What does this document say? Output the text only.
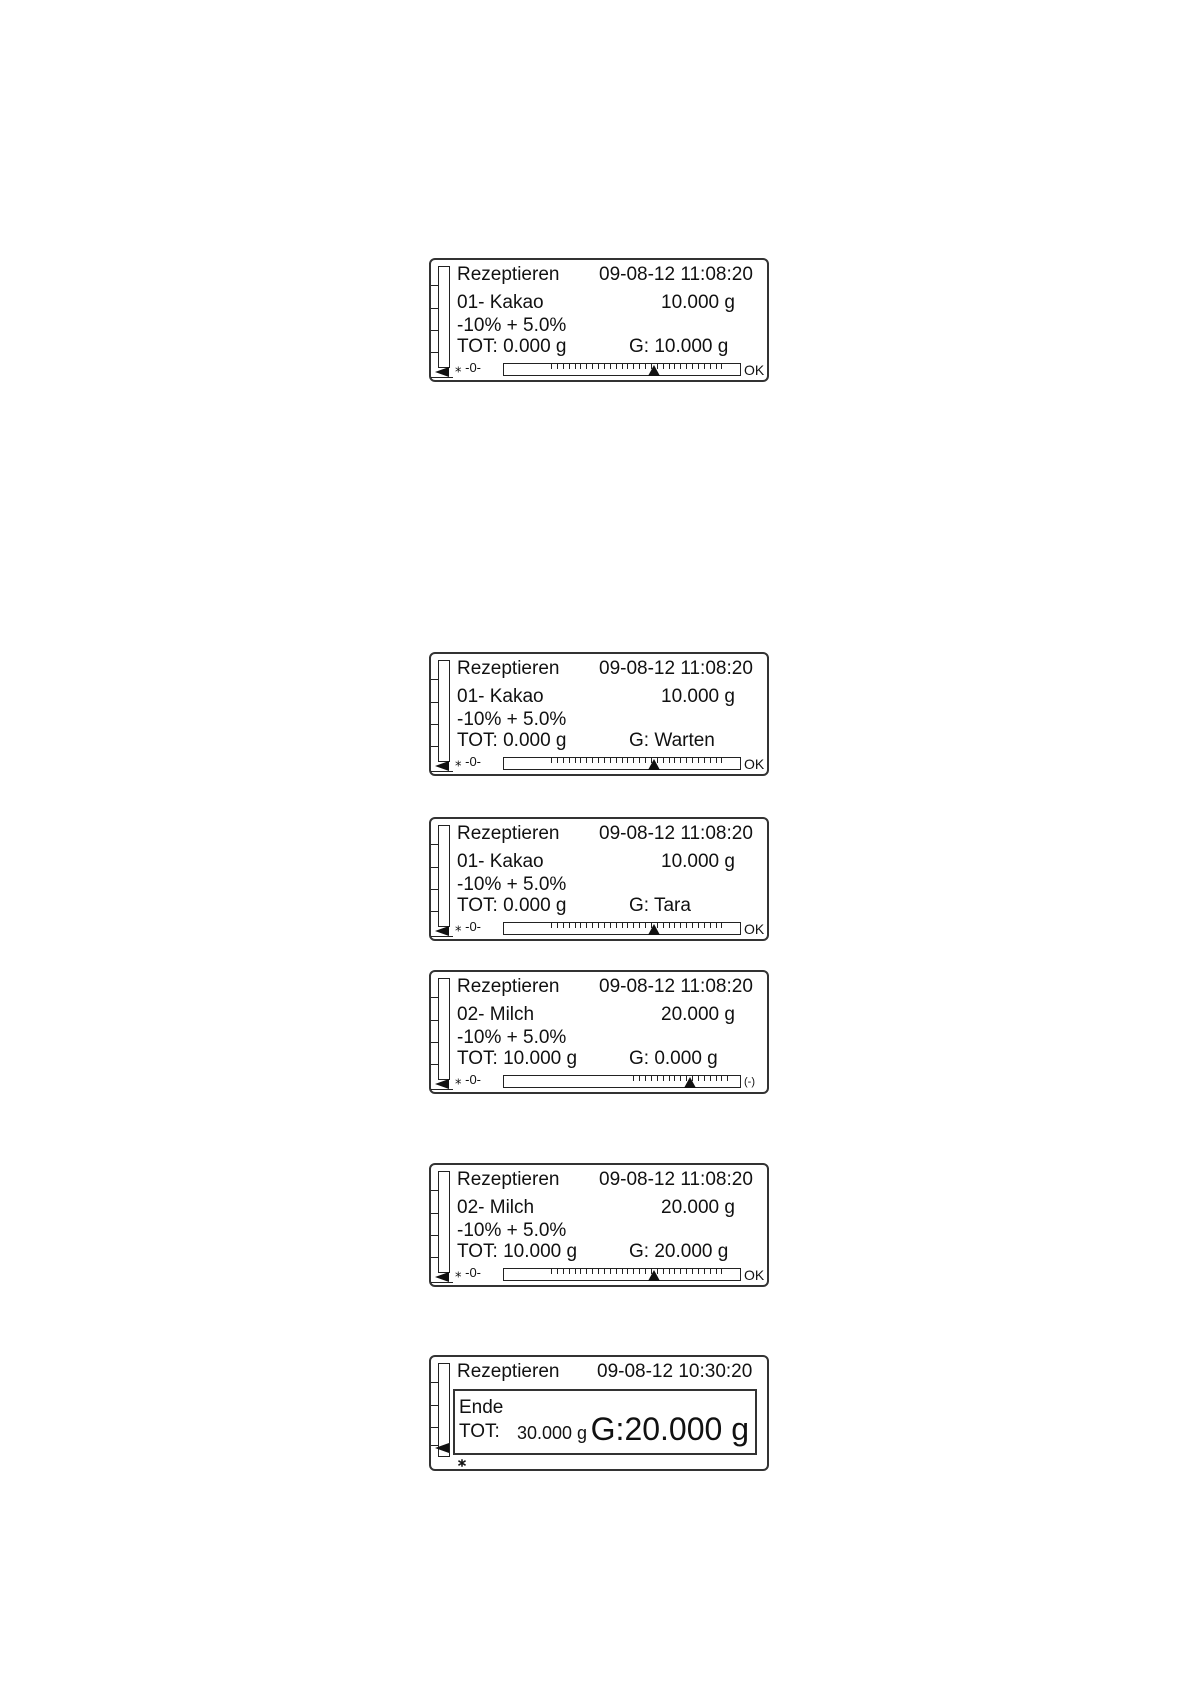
Rezeptieren 09-08-12 11:08:20
01- Kakao	10.000 g
-10% + 5.0%
TOT: 0.000 g	G: 10.000 g
⁎ -0-	OK
Rezeptieren 09-08-12 11:08:20
01- Kakao	10.000 g
-10% + 5.0%
TOT: 0.000 g	G: Warten
⁎ -0-	OK
Rezeptieren 09-08-12 11:08:20
01- Kakao	10.000 g
-10% + 5.0%
TOT: 0.000 g	G: Tara
⁎ -0-	OK
Rezeptieren 09-08-12 11:08:20
02- Milch	20.000 g
-10% + 5.0%
TOT: 10.000 g	G: 0.000 g
⁎ -0-	(-)
Rezeptieren 09-08-12 11:08:20
02- Milch	20.000 g
-10% + 5.0%
TOT: 10.000 g	G: 20.000 g
⁎ -0-	OK
Rezeptieren 09-08-12 10:30:20
Ende
TOT: 30.000 g G:20.000 g
⁎
